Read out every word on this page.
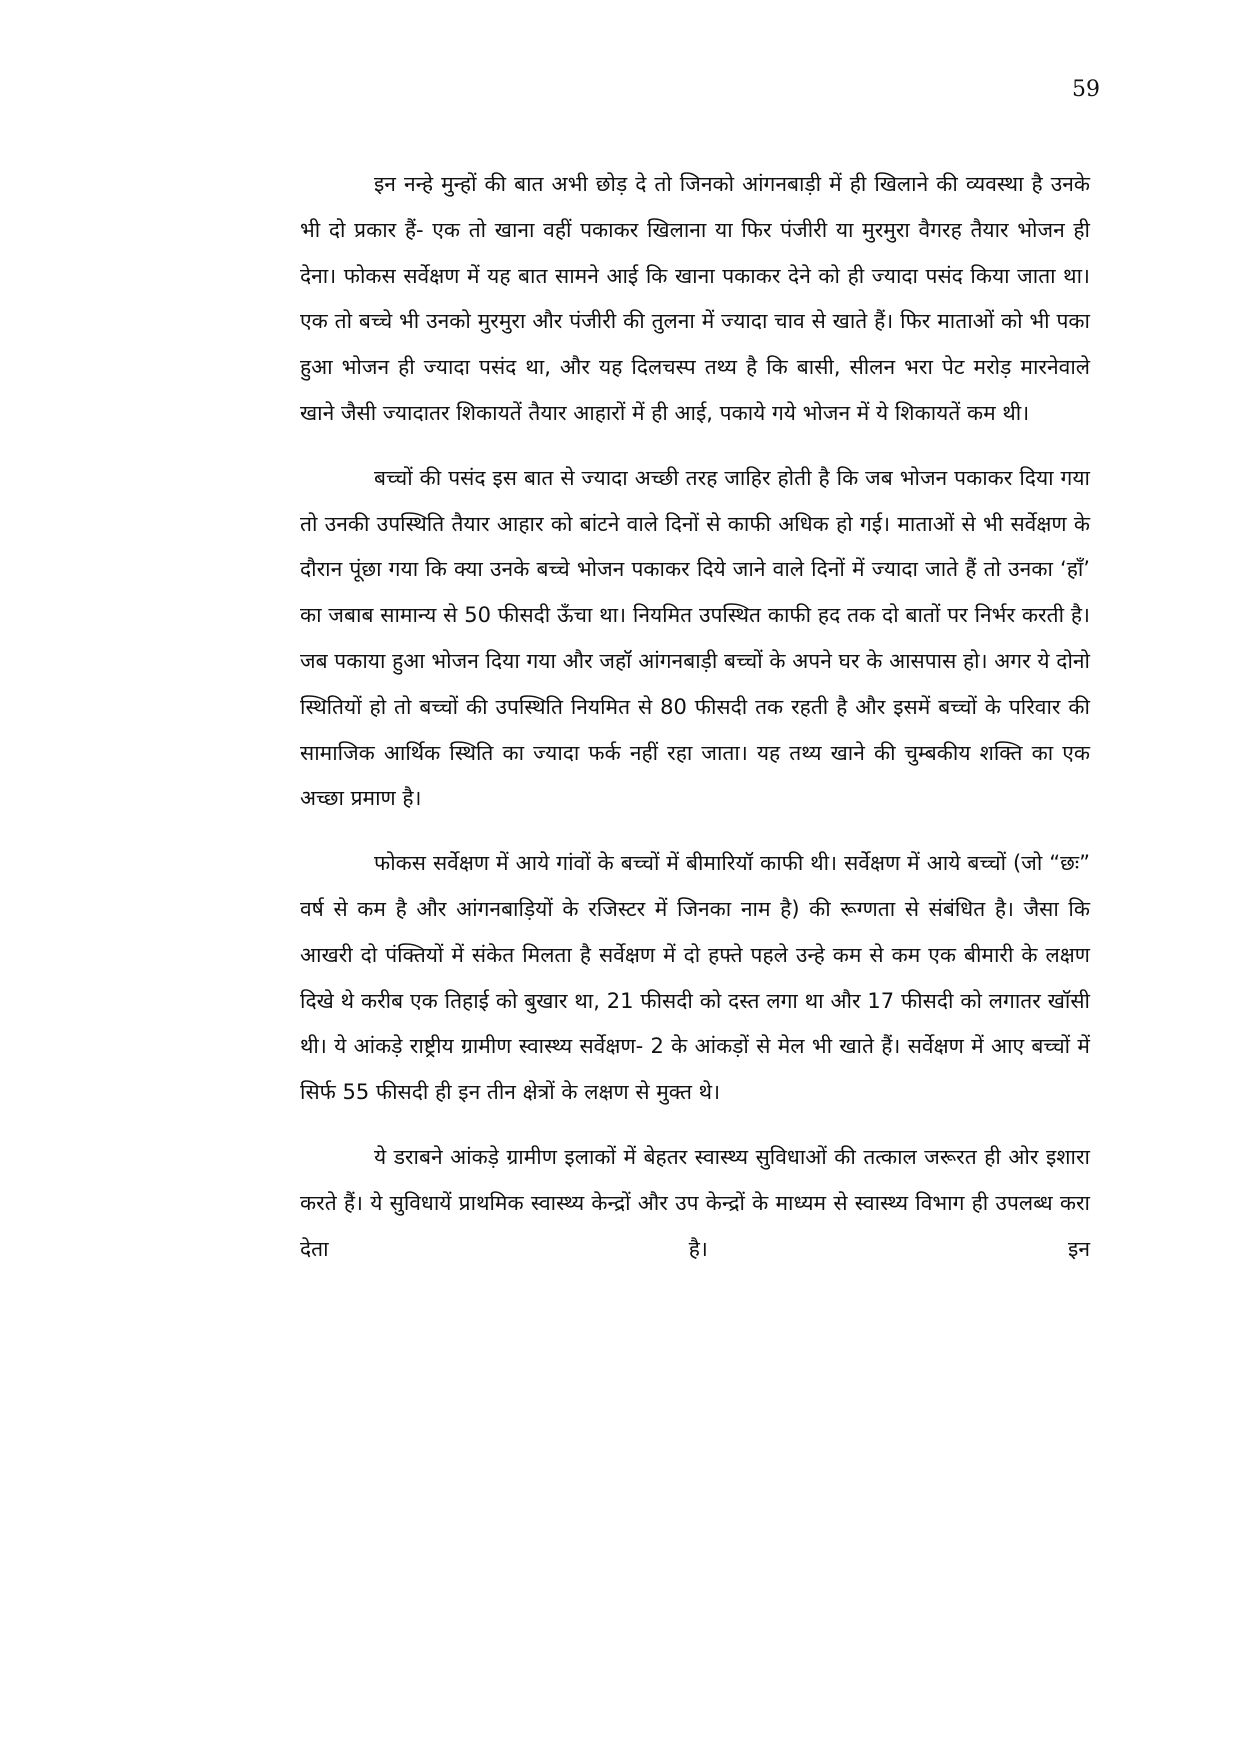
59

इन नन्हे मुन्हों की बात अभी छोड़ दे तो जिनको आंगनबाड़ी में ही खिलाने की व्यवस्था है उनके भी दो प्रकार हैं- एक तो खाना वहीं पकाकर खिलाना या फिर पंजीरी या मुरमुरा वैगरह तैयार भोजन ही देना। फोकस सर्वेक्षण में यह बात सामने आई कि खाना पकाकर देने को ही ज्यादा पसंद किया जाता था। एक तो बच्चे भी उनको मुरमुरा और पंजीरी की तुलना में ज्यादा चाव से खाते हैं। फिर माताओं को भी पका हुआ भोजन ही ज्यादा पसंद था, और यह दिलचस्प तथ्य है कि बासी, सीलन भरा पेट मरोड़ मारनेवाले खाने जैसी ज्यादातर शिकायतें तैयार आहारों में ही आई, पकाये गये भोजन में ये शिकायतें कम थी।

बच्चों की पसंद इस बात से ज्यादा अच्छी तरह जाहिर होती है कि जब भोजन पकाकर दिया गया तो उनकी उपस्थिति तैयार आहार को बांटने वाले दिनों से काफी अधिक हो गई। माताओं से भी सर्वेक्षण के दौरान पूंछा गया कि क्या उनके बच्चे भोजन पकाकर दिये जाने वाले दिनों में ज्यादा जाते हैं तो उनका ‘हॉं’ का जबाब सामान्य से 50 फीसदी ऊॅंचा था। नियमित उपस्थित काफी हद तक दो बातों पर निर्भर करती है। जब पकाया हुआ भोजन दिया गया और जहॉ आंगनबाड़ी बच्चों के अपने घर के आसपास हो। अगर ये दोनो स्थितियों हो तो बच्चों की उपस्थिति नियमित से 80 फीसदी तक रहती है और इसमें बच्चों के परिवार की सामाजिक आर्थिक स्थिति का ज्यादा फर्क नहीं रहा जाता। यह तथ्य खाने की चुम्बकीय शक्ति का एक अच्छा प्रमाण है।

फोकस सर्वेक्षण में आये गांवों के बच्चों में बीमारियॉ काफी थी। सर्वेक्षण में आये बच्चों (जो “छः” वर्ष से कम है और आंगनबाड़ियों के रजिस्टर में जिनका नाम है) की रूग्णता से संबंधित है। जैसा कि आखरी दो पंक्तियों में संकेत मिलता है सर्वेक्षण में दो हफ्ते पहले उन्हे कम से कम एक बीमारी के लक्षण दिखे थे करीब एक तिहाई को बुखार था, 21 फीसदी को दस्त लगा था और 17 फीसदी को लगातर खॉसी थी। ये आंकड़े राष्ट्रीय ग्रामीण स्वास्थ्य सर्वेक्षण- 2 के आंकड़ों से मेल भी खाते हैं। सर्वेक्षण में आए बच्चों में सिर्फ 55 फीसदी ही इन तीन क्षेत्रों के लक्षण से मुक्त थे।

ये डराबने आंकड़े ग्रामीण इलाकों में बेहतर स्वास्थ्य सुविधाओं की तत्काल जरूरत ही ओर इशारा करते हैं। ये सुविधायें प्राथमिक स्वास्थ्य केन्द्रों और उप केन्द्रों के माध्यम से स्वास्थ्य विभाग ही उपलब्ध करा देता है। इन
